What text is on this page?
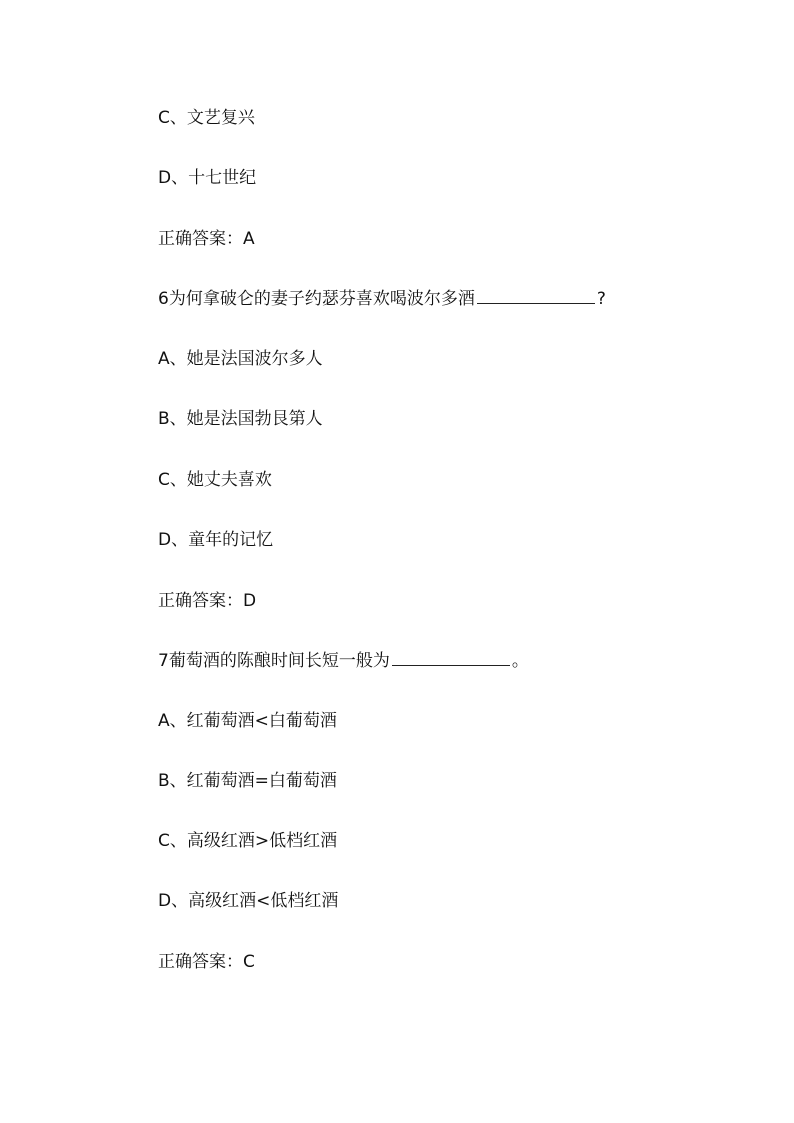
C、文艺复兴
D、十七世纪
正确答案：A
6为何拿破仑的妻子约瑟芬喜欢喝波尔多酒	?
A、她是法国波尔多人
B、她是法国勃艮第人
C、她丈夫喜欢
D、童年的记忆
正确答案：D
7葡萄酒的陈酿时间长短一般为	。
A、红葡萄酒<白葡萄酒
B、红葡萄酒=白葡萄酒
C、高级红酒>低档红酒
D、高级红酒<低档红酒
正确答案：C
